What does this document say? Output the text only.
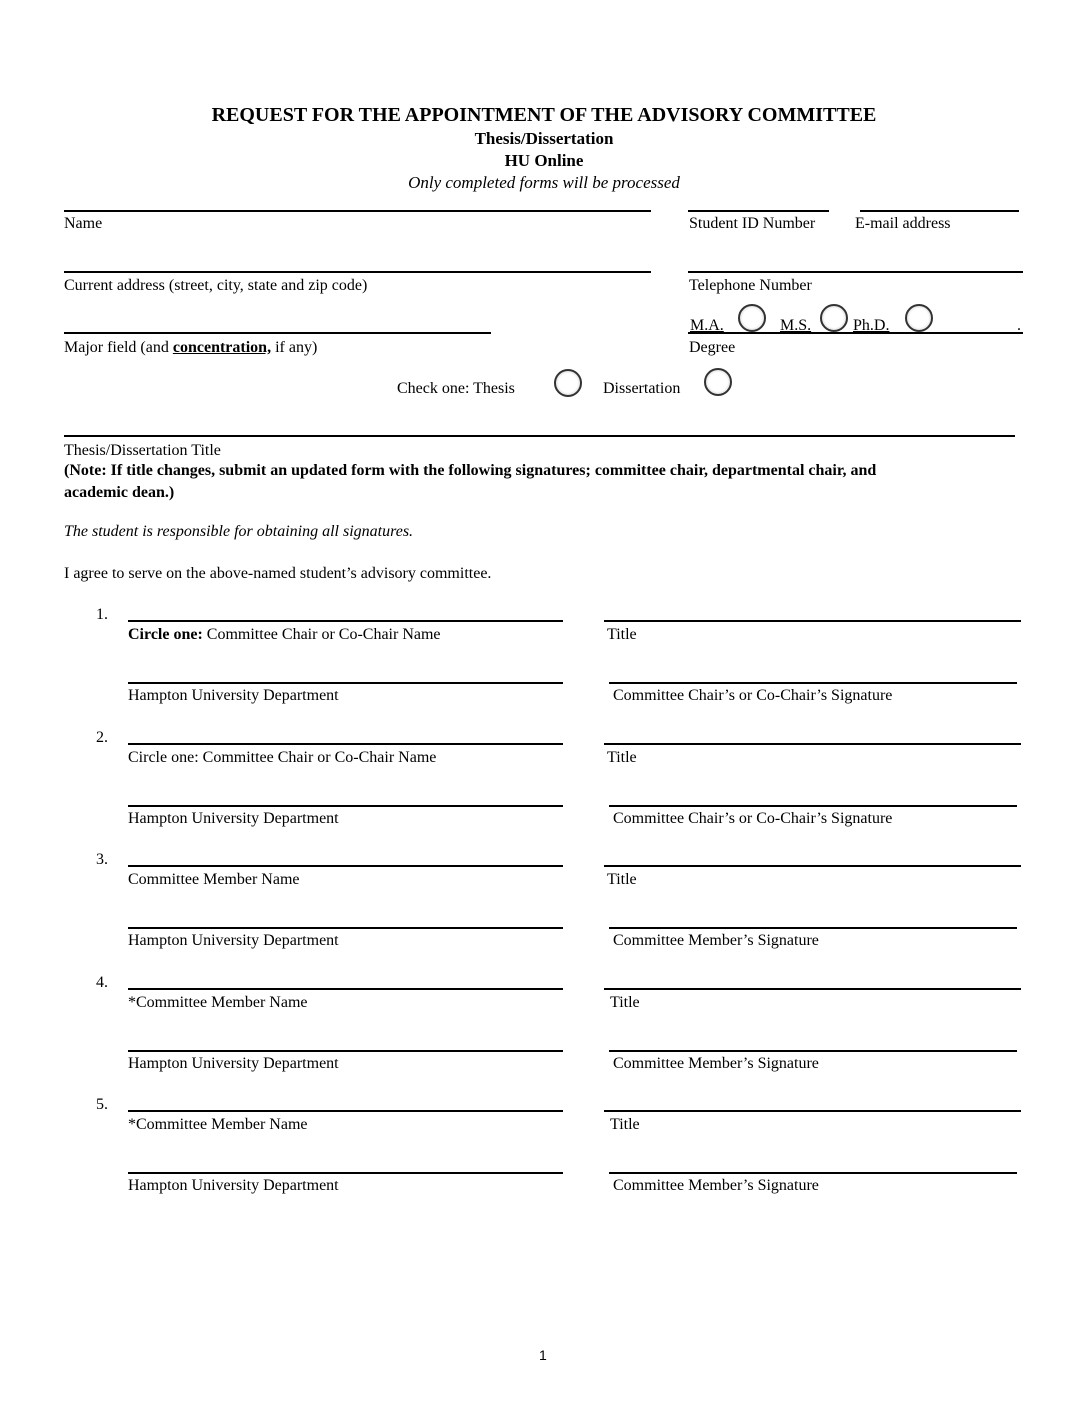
REQUEST FOR THE APPOINTMENT OF THE ADVISORY COMMITTEE
Thesis/Dissertation
HU Online
Only completed forms will be processed
Name	Student ID Number E-mail address
Current address (street, city, state and zip code)	Telephone Number
Major field (and concentration, if any)
M.A.	M.S.	Ph.D.	.
Degree
Check one: Thesis	Dissertation
Thesis/Dissertation Title
(Note: If title changes, submit an updated form with the following signatures; committee chair, departmental chair, and
academic dean.)
The student is responsible for obtaining all signatures.
I agree to serve on the above-named student’s advisory committee.
1.
Circle one: Committee Chair or Co-Chair Name	Title
Hampton University Department	Committee Chair’s or Co-Chair’s Signature
2.
Circle one: Committee Chair or Co-Chair Name	Title
Hampton University Department	Committee Chair’s or Co-Chair’s Signature
3.
Committee Member Name	Title
Hampton University Department	Committee Member’s Signature
4.
*Committee Member Name	Title
Hampton University Department	Committee Member’s Signature
5.
*Committee Member Name	Title
Hampton University Department	Committee Member’s Signature
1
